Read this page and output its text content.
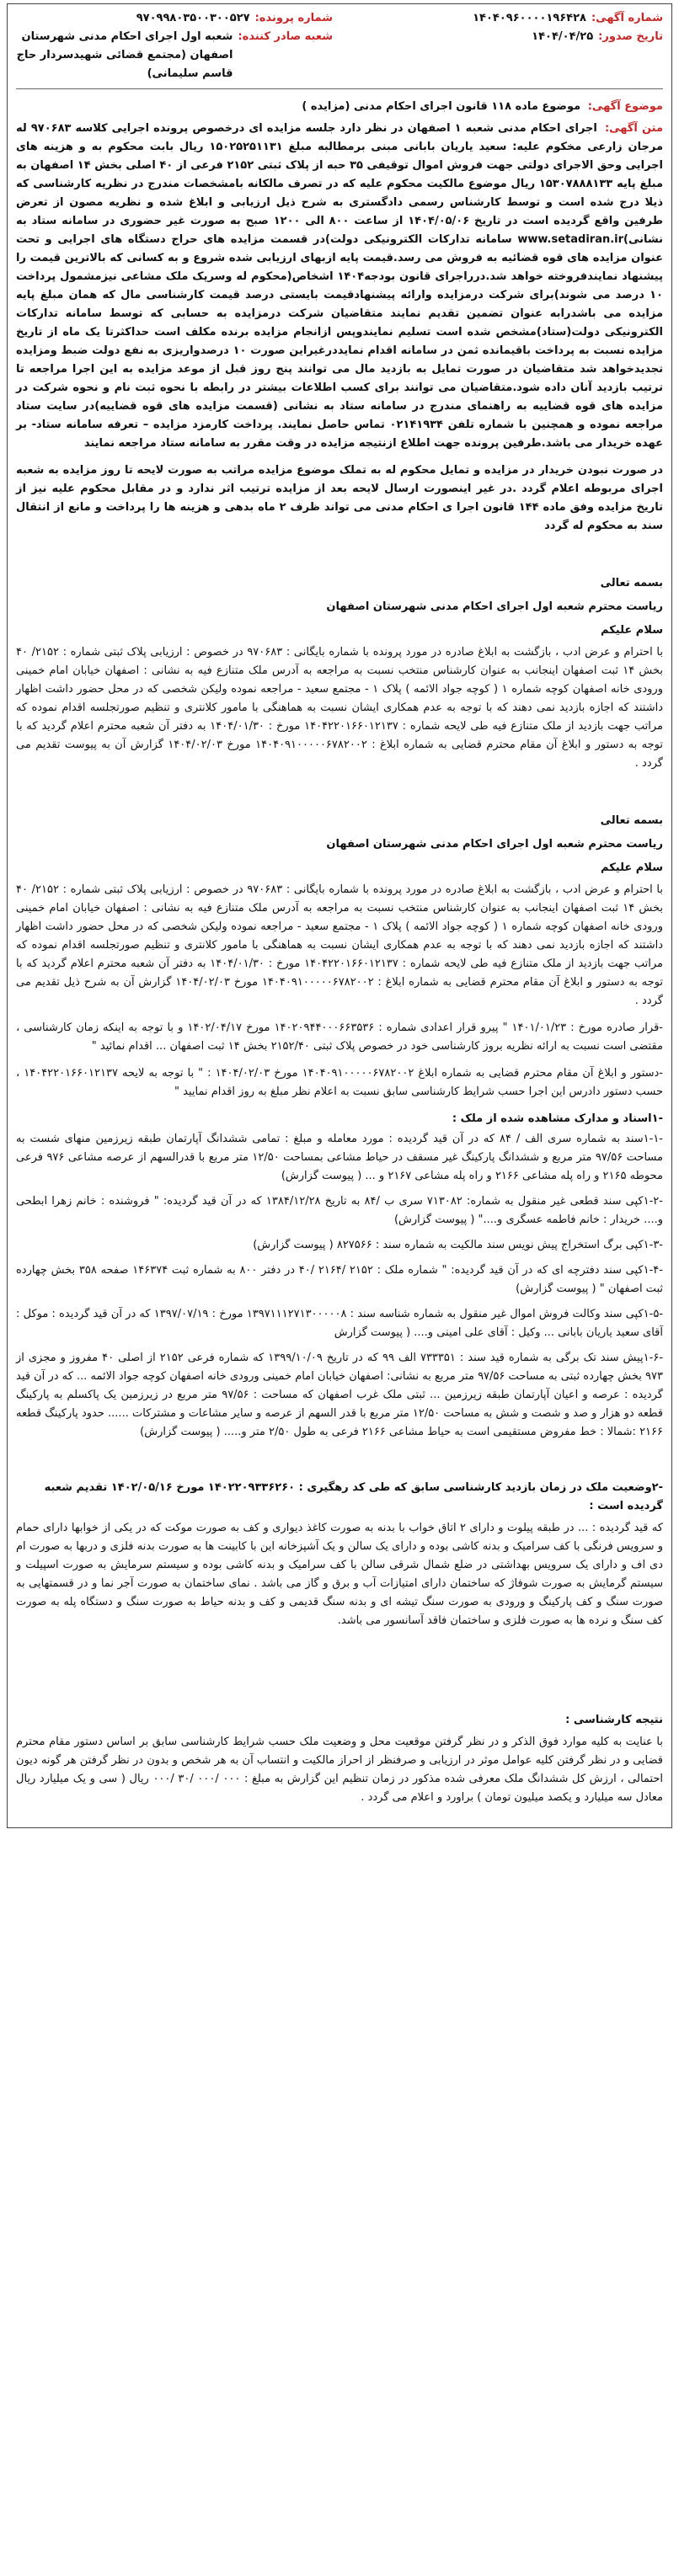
شماره آگهی:
۱۴۰۴۰۹۶۰۰۰۰۱۹۶۴۲۸
شماره پرونده:
۹۷۰۹۹۸۰۳۵۰۰۳۰۰۵۲۷
تاریخ صدور:
۱۴۰۴/۰۴/۲۵
شعبه صادر کننده:
شعبه اول اجرای احکام مدنی شهرستان اصفهان (مجتمع قضائی شهیدسردار حاج قاسم سلیمانی)
موضوع آگهی: موضوع ماده ۱۱۸ قانون اجرای احکام مدنی (مزایده )

متن آگهی: اجرای احکام مدنی شعبه ۱ اصفهان در نظر دارد جلسه مزایده ای درخصوص پرونده اجرایی کلاسه ۹۷۰۶۸۳ له مرجان زارعی مخکوم علیه: سعید یاریان بابانی مبنی برمطالبه مبلغ ۱۵۰۲۵۲۵۱۱۳۱ ریال بابت محکوم به و هزینه های اجرایی وحق الاجرای دولتی جهت فروش اموال توقیفی ۳۵ حبه از پلاک ثبتی ۲۱۵۲ فرعی از ۴۰ اصلی بخش ۱۴ اصفهان به مبلغ پایه ۱۵۳۰۷۸۸۸۱۳۳ ریال موضوع مالکیت محکوم علیه که در تصرف مالکانه بامشخصات مندرج در نظریه کارشناسی که ذیلا درج شده است و توسط کارشناس رسمی دادگستری به شرح ذیل ارزیابی و ابلاغ شده و نظریه مصون از تعرض طرفین واقع گردیده است در تاریخ ۱۴۰۴/۰۵/۰۶ از ساعت ۸۰۰ الی ۱۲۰۰ صبح به صورت غیر حضوری در سامانه ستاد به نشانی)www.setadiran.ir سامانه تدارکات الکترونیکی دولت)در قسمت مزایده های حراج دستگاه های اجرایی و تحت عنوان مزایده های قوه قضائیه به فروش می رسد.قیمت پایه ازبهای ارزیابی شده شروع و به کسانی که بالاترین قیمت را پیشنهاد نمایندفروخته خواهد شد.درراجرای قانون بودجه۱۴۰۴ اشخاص(محکوم له وسرپک ملک مشاعی نیزمشمول پرداخت ۱۰ درصد می شوند)برای شرکت درمزایده وارائه پیشنهادقیمت بایستی درصد قیمت کارشناسی مال که همان مبلغ پایه مزایده می باشدرابه عنوان تضمین تقدیم نمایند متقاضیان شرکت درمزایده به حسابی که توسط سامانه تدارکات الکترونیکی دولت(ستاد)مشخص شده است تسلیم نمایندوپس ازانجام مزایده برنده مکلف است حداکثرتا یک ماه از تاریخ مزایده نسبت به پرداخت باقیمانده ثمن در سامانه اقدام نمایددرغیراین صورت ۱۰ درصدواریزی به نفع دولت ضبط ومزایده تجدیدخواهد شد متقاضیان در صورت تمایل به بازدید مال می توانند پنج روز قبل از موعد مزایده به این اجرا مراجعه تا ترتیب بازدید آنان داده شود.متقاضیان می توانند برای کسب اطلاعات بیشتر در رابطه با نحوه ثبت نام و نحوه شرکت در مزایده های قوه قضاییه به راهنمای مندرج در سامانه ستاد به نشانی (قسمت مزایده های قوه قضاییه)در سایت ستاد مراجعه نموده و همچنین با شماره تلفن ۰۲۱۴۱۹۳۴ تماس حاصل نمایند. پرداخت کارمزد مزایده – تعرفه سامانه ستاد- بر عهده خریدار می باشد.طرفین پرونده جهت اطلاع ازنتیجه مزایده در وقت مقرر به سامانه ستاد مراجعه نمایند

در صورت نبودن خریدار در مزایده و تمایل محکوم له به تملک موضوع مزایده مراتب به صورت لایحه تا روز مزایده به شعبه اجرای مربوطه اعلام گردد .در غیر اینصورت ارسال لایحه بعد از مزایده ترتیب اثر ندارد و در مقابل محکوم علیه نیز از تاریخ مزایده وفق ماده ۱۴۴ قانون اجرا ی احکام مدنی می تواند ظرف ۲ ماه بدهی و هزینه ها را پرداخت و مانع از انتقال سند به محکوم له گردد

بسمه تعالی
ریاست محترم شعبه اول اجرای احکام مدنی شهرستان اصفهان
سلام علیکم

با احترام و عرض ادب ، بازگشت به ابلاغ صادره در مورد پرونده با شماره بایگانی : ۹۷۰۶۸۳ در خصوص : ارزیابی پلاک ثبتی شماره : ۲۱۵۲/ ۴۰ بخش ۱۴ ثبت اصفهان اینجانب به عنوان کارشناس منتخب نسبت به مراجعه به آدرس ملک متنازع فیه به نشانی : اصفهان خیابان امام خمینی ورودی خانه اصفهان کوچه شماره ۱ ( کوچه جواد الائمه ) پلاک ۱ - مجتمع سعید - مراجعه نموده ولیکن شخصی که در محل حضور داشت اظهار داشتند که اجازه بازدید نمی دهند که با توجه به عدم همکاری ایشان نسبت به هماهنگی با مامور کلانتری و تنظیم صورتجلسه اقدام نموده که مراتب جهت بازدید از ملک متنازع فیه طی لایحه شماره : ۱۴۰۴۲۲۰۱۶۶۰۱۲۱۳۷ مورخ : ۱۴۰۴/۰۱/۳۰ به دفتر آن شعبه محترم اعلام گردید که با توجه به دستور و ابلاغ آن مقام محترم قضایی به شماره ابلاغ : ۱۴۰۴۰۹۱۰۰۰۰۰۶۷۸۲۰۰۲ مورخ ۱۴۰۴/۰۲/۰۳ گزارش آن به پیوست تقدیم می گردد .

بسمه تعالی
ریاست محترم شعبه اول اجرای احکام مدنی شهرستان اصفهان
سلام علیکم

با احترام و عرض ادب ، بازگشت به ابلاغ صادره در مورد پرونده با شماره بایگانی : ۹۷۰۶۸۳ در خصوص : ارزیابی پلاک ثبتی شماره : ۲۱۵۲/ ۴۰ بخش ۱۴ ثبت اصفهان اینجانب به عنوان کارشناس منتخب نسبت به مراجعه به آدرس ملک متنازع فیه به نشانی : اصفهان خیابان امام خمینی ورودی خانه اصفهان کوچه شماره ۱ ( کوچه جواد الائمه ) پلاک ۱ - مجتمع سعید - مراجعه نموده ولیکن شخصی که در محل حضور داشت اظهار داشتند که اجازه بازدید نمی دهند که با توجه به عدم همکاری ایشان نسبت به هماهنگی با مامور کلانتری و تنظیم صورتجلسه اقدام نموده که مراتب جهت بازدید از ملک متنازع فیه طی لایحه شماره : ۱۴۰۴۲۲۰۱۶۶۰۱۲۱۳۷ مورخ : ۱۴۰۴/۰۱/۳۰ به دفتر آن شعبه محترم اعلام گردید که با توجه به دستور و ابلاغ آن مقام محترم قضایی به شماره ابلاغ : ۱۴۰۴۰۹۱۰۰۰۰۰۶۷۸۲۰۰۲ مورخ ۱۴۰۴/۰۲/۰۳ گزارش آن به شرح ذیل تقدیم می گردد .

-قرار صادره مورخ : ۱۴۰۱/۰۱/۲۳ " پیرو قرار اعدادی شماره : ۱۴۰۲۰۹۴۴۰۰۰۶۶۳۵۳۶ مورخ ۱۴۰۲/۰۴/۱۷ و با توجه به اینکه زمان کارشناسی ، مقتضی است نسبت به ارائه نظریه بروز کارشناسی خود در خصوص پلاک ثبتی ۲۱۵۲/۴۰ بخش ۱۴ ثبت اصفهان ... اقدام نمائید "

-دستور و ابلاغ آن مقام محترم قضایی به شماره ابلاغ ۱۴۰۴۰۹۱۰۰۰۰۰۶۷۸۲۰۰۲ مورخ ۱۴۰۴/۰۲/۰۳ : " با توجه به لایحه ۱۴۰۴۲۲۰۱۶۶۰۱۲۱۳۷ ، حسب دستور دادرس این اجرا حسب شرایط کارشناسی سابق نسبت به اعلام نظر مبلغ به روز اقدام نمایید "

-۱اسناد و مدارک مشاهده شده از ملک :
-۱-۱سند به شماره سری الف / ۸۴ که در آن قید گردیده : مورد معامله و مبلغ : تمامی ششدانگ آپارتمان طبقه زیرزمین منهای شست به مساحت ۹۷/۵۶ متر مربع و ششدانگ پارکینگ غیر مسقف در حیاط مشاعی بمساحت ۱۲/۵۰ متر مربع با قدرالسهم از عرصه مشاعی ۹۷۶ فرعی محوطه ۲۱۶۵ و راه پله مشاعی ۲۱۶۶ و راه پله مشاعی ۲۱۶۷ و ... ( پیوست گزارش)
-۱-۲کپی سند قطعی غیر منقول به شماره: ۷۱۳۰۸۲ سری ب /۸۴ به تاریخ ۱۳۸۴/۱۲/۲۸ که در آن قید گردیده: " فروشنده : خانم زهرا ابطحی و.... خریدار : خانم فاطمه عسگری و...." ( پیوست گزارش)
-۱-۳کپی برگ استخراج پیش نویس سند مالکیت به شماره سند : ۸۲۷۵۶۶ ( پیوست گزارش)
-۱-۴کپی سند دفترچه ای که در آن قید گردیده: " شماره ملک : ۲۱۵۲ /۲۱۶۴ /۴۰ در دفتر ۸۰۰ به شماره ثبت ۱۴۶۳۷۴ صفحه ۳۵۸ بخش چهارده ثبت اصفهان " ( پیوست گزارش)
-۱-۵کپی سند وکالت فروش اموال غیر منقول به شماره شناسه سند : ۱۳۹۷۱۱۱۲۷۱۳۰۰۰۰۰۸ مورخ : ۱۳۹۷/۰۷/۱۹ که در آن قید گردیده : موکل : آقای سعید یاریان بابانی ... وکیل : آقای علی امینی و.... ( پیوست گزارش
-۱-۶پیش سند تک برگی به شماره قید سند : ۷۳۳۳۵۱ الف ۹۹ که در تاریخ ۱۳۹۹/۱۰/۰۹ که شماره فرعی ۲۱۵۲ از اصلی ۴۰ مفروز و مجزی از ۹۷۳ بخش چهارده ثبتی به مساحت ۹۷/۵۶ متر مربع به نشانی: اصفهان خیابان امام خمینی ورودی خانه اصفهان کوچه جواد الائمه ... که در آن قید گردیده : عرصه و اعیان آپارتمان طبقه زیرزمین ... ثبتی ملک غرب اصفهان که مساحت : ۹۷/۵۶ متر مربع در زیرزمین یک پاکسلم به پارکینگ قطعه دو هزار و صد و شصت و شش به مساحت ۱۲/۵۰ متر مربع با قدر السهم از عرصه و سایر مشاعات و مشترکات ...... حدود پارکینگ قطعه ۲۱۶۶ :شمالا : خط مفروض مستقیمی است به حیاط مشاعی ۲۱۶۶ فرعی به طول ۲/۵۰ متر و..... ( پیوست گزارش)
-۲وضعیت ملک در زمان بازدید کارشناسی سابق که طی کد رهگیری : ۱۴۰۲۲۰۹۳۳۶۲۶۰ مورخ ۱۴۰۲/۰۵/۱۶ تقدیم شعبه گردیده است :

که قید گردیده : ... در طبقه پیلوت و دارای ۲ اتاق خواب با بدنه به صورت کاغذ دیواری و کف به صورت موکت که در یکی از خوابها دارای حمام و سرویس فرنگی با کف سرامیک و بدنه کاشی بوده و دارای یک سالن و یک آشپزخانه این با کابینت ها به صورت بدنه فلزی و دربها به صورت ام دی اف و دارای یک سرویس بهداشتی در ضلع شمال شرقی سالن با کف سرامیک و بدنه کاشی بوده و سیستم سرمایش به صورت اسپیلت و سیستم گرمایش به صورت شوفاژ که ساختمان دارای امتیازات آب و برق و گاز می باشد . نمای ساختمان به صورت آجر نما و در قسمتهایی به صورت سنگ و کف پارکینگ و ورودی به صورت سنگ تیشه ای و بدنه سنگ قدیمی و کف و بدنه حیاط به صورت سنگ و دستگاه پله به صورت کف سنگ و نرده ها به صورت فلزی و ساختمان فاقد آسانسور می باشد.

نتیجه کارشناسی :

با عنایت به کلیه موارد فوق الذکر و در نظر گرفتن موقعیت محل و وضعیت ملک حسب شرایط کارشناسی سابق بر اساس دستور مقام محترم قضایی و در نظر گرفتن کلیه عوامل موثر در ارزیابی و صرفنظر از احراز مالکیت و انتساب آن به هر شخص و بدون در نظر گرفتن هر گونه دیون احتمالی ، ارزش کل ششدانگ ملک معرفی شده مذکور در زمان تنظیم این گزارش به مبلغ : ۰۰۰ /۰۰۰ /۳۰ /۰۰۰ ریال ( سی و یک میلیارد ریال معادل سه میلیارد و یکصد میلیون تومان ) براورد و اعلام می گردد .
